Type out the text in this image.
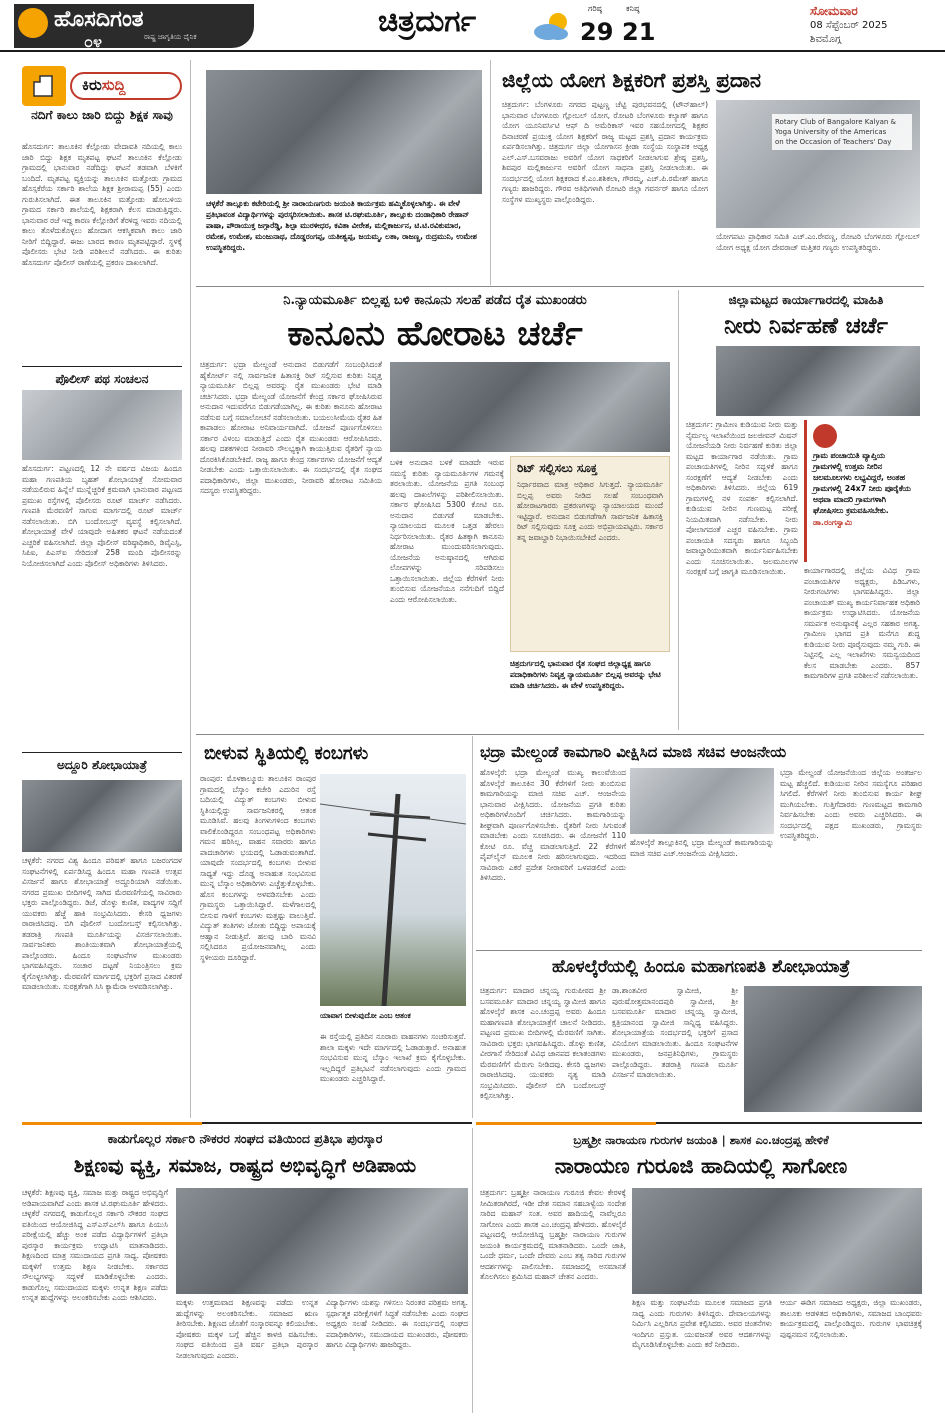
ಹೊಸದಿಗಂತ
೦೪	ರಾಷ್ಟ್ರ ಜಾಗೃತಿಯ ದೈನಿಕ	ಚಿತ್ರದುರ್ಗ	ಗರಿಷ್ಠ
29
ಕನಿಷ್ಠ
21
ಸೋಮವಾರ
08 ಸೆಪ್ಟೆಂಬರ್ 2025
ಶಿವಮೊಗ್ಗ
ಕಿರುಸುದ್ದಿ
ನದಿಗೆ ಕಾಲು ಜಾರಿ ಬಿದ್ದು ಶಿಕ್ಷಕ ಸಾವು
ಹೊಸದುರ್ಗ: ತಾಲೂಕಿನ ಕೆಲ್ಲೋಡು ವೇದಾವತಿ ನದಿಯಲ್ಲಿ ಕಾಲು ಜಾರಿ ಬಿದ್ದು ಶಿಕ್ಷಕ ಮೃತಪಟ್ಟ ಘಟನೆ ತಾಲೂಕಿನ ಕೆಲ್ಲೋಡು ಗ್ರಾಮದಲ್ಲಿ ಭಾನುವಾರ ನಡೆದಿದ್ದು ಘಟನೆ ತಡವಾಗಿ ಬೆಳಕಿಗೆ ಬಂದಿದೆ. ಮೃತಪಟ್ಟ ವ್ಯಕ್ತಿಯನ್ನು ತಾಲೂಕಿನ ಮತ್ತೋಡು ಗ್ರಾಮದ ಹೊಸ್ಸಕೆರೆಯ ಸರ್ಕಾರಿ ಶಾಲೆಯ ಶಿಕ್ಷಕ ಶ್ರೀರಾಮಪ್ಪ (55) ಎಂದು ಗುರುತಿಸಲಾಗಿದೆ. ಈತ ತಾಲೂಕಿನ ಮತ್ತೋಡು ಹೋಬಳಿಯ ಗ್ರಾಮದ ಸರ್ಕಾರಿ ಶಾಲೆಯಲ್ಲಿ ಶಿಕ್ಷಕರಾಗಿ ಕೆಲಸ ಮಾಡುತ್ತಿದ್ದರು. ಭಾನುವಾರ ರಜೆ ಇದ್ದ ಕಾರಣ ಕೆಲ್ಲೋಡಿಗೆ ತೆರಳಿದ್ದ ಇವರು ನದಿಯಲ್ಲಿ ಕಾಲು ತೊಳೆದುಕೊಳ್ಳಲು ಹೋದಾಗ ಆಕಸ್ಮಿಕವಾಗಿ ಕಾಲು ಜಾರಿ ನೀರಿಗೆ ಬಿದ್ದಿದ್ದಾರೆ. ಈಜು ಬಾರದ ಕಾರಣ ಮೃತಪಟ್ಟಿದ್ದಾರೆ. ಸ್ಥಳಕ್ಕೆ ಪೊಲೀಸರು ಭೇಟಿ ನೀಡಿ ಪರಿಶೀಲನೆ ನಡೆಸಿದರು. ಈ ಕುರಿತು ಹೊಸದುರ್ಗ ಪೊಲೀಸ್ ಠಾಣೆಯಲ್ಲಿ ಪ್ರಕರಣ ದಾಖಲಾಗಿದೆ.
ಪೊಲೀಸ್ ಪಥ ಸಂಚಲನ
ಹೊಸದುರ್ಗ: ಪಟ್ಟಣದಲ್ಲಿ 12 ನೇ ವರ್ಷದ ವಿಜಯ ಹಿಂದೂ ಮಹಾ ಗಣಪತಿಯ ಬೃಹತ್ ಶೋಭಾಯಾತ್ರೆ ಸೋಮವಾರ ನಡೆಯಲಿರುವ ಹಿನ್ನೆಲೆ ಮುನ್ನೆಚ್ಚರಿಕೆ ಕ್ರಮವಾಗಿ ಭಾನುವಾರ ಪಟ್ಟಣದ ಪ್ರಮುಖ ರಸ್ತೆಗಳಲ್ಲಿ ಪೊಲೀಸರು ರೂಟ್ ಮಾರ್ಚ್ ನಡೆಸಿದರು. ಗಣಪತಿ ಮೆರವಣಿಗೆ ಸಾಗುವ ಮಾರ್ಗದಲ್ಲಿ ರೂಟ್ ಮಾರ್ಚ್ ನಡೆಸಲಾಯಿತು. ಬಿಗಿ ಬಂದೋಬಸ್ತ್ ವ್ಯವಸ್ಥೆ ಕಲ್ಪಿಸಲಾಗಿದೆ. ಶೋಭಾಯಾತ್ರೆ ವೇಳೆ ಯಾವುದೇ ಅಹಿತಕರ ಘಟನೆ ನಡೆಯದಂತೆ ಎಚ್ಚರಿಕೆ ವಹಿಸಲಾಗಿದೆ. ಜಿಲ್ಲಾ ಪೊಲೀಸ್ ವರಿಷ್ಠಾಧಿಕಾರಿ, ಡಿವೈಎಸ್ಪಿ, ಸಿಪಿಐ, ಪಿಎಸ್ಐ ಸೇರಿದಂತೆ 258 ಮಂದಿ ಪೊಲೀಸರನ್ನು ನಿಯೋಜಿಸಲಾಗಿದೆ ಎಂದು ಪೊಲೀಸ್ ಅಧಿಕಾರಿಗಳು ತಿಳಿಸಿದರು.
ಅದ್ದೂರಿ ಶೋಭಾಯಾತ್ರೆ
ಚಳ್ಳಕೆರೆ: ನಗರದ ವಿಶ್ವ ಹಿಂದೂ ಪರಿಷತ್ ಹಾಗೂ ಬಜರಂಗದಳ ಸಂಘಟನೆಗಳಲ್ಲಿ ಏರ್ಪಡಿಸಿದ್ದ ಹಿಂದೂ ಮಹಾ ಗಣಪತಿ ಉತ್ಸವ ವಿಸರ್ಜನೆ ಹಾಗೂ ಶೋಭಾಯಾತ್ರೆ ಅದ್ದೂರಿಯಾಗಿ ನಡೆಯಿತು. ನಗರದ ಪ್ರಮುಖ ಬೀದಿಗಳಲ್ಲಿ ಸಾಗಿದ ಮೆರವಣಿಗೆಯಲ್ಲಿ ಸಾವಿರಾರು ಭಕ್ತರು ಪಾಲ್ಗೊಂಡಿದ್ದರು. ಡಿಜೆ, ಡೊಳ್ಳು ಕುಣಿತ, ವಾದ್ಯಗಳ ಸದ್ದಿಗೆ ಯುವಕರು ಹೆಜ್ಜೆ ಹಾಕಿ ಸಂಭ್ರಮಿಸಿದರು. ಕೇಸರಿ ಧ್ವಜಗಳು ರಾರಾಜಿಸಿದವು. ಬಿಗಿ ಪೊಲೀಸ್ ಬಂದೋಬಸ್ತ್ ಕಲ್ಪಿಸಲಾಗಿತ್ತು. ತಡರಾತ್ರಿ ಗಣಪತಿ ಮೂರ್ತಿಯನ್ನು ವಿಸರ್ಜಿಸಲಾಯಿತು. ಸಾರ್ವಜನಿಕರು ಶಾಂತಿಯುತವಾಗಿ ಶೋಭಾಯಾತ್ರೆಯಲ್ಲಿ ಪಾಲ್ಗೊಂಡರು. ಹಿಂದೂ ಸಂಘಟನೆಗಳ ಮುಖಂಡರು ಭಾಗವಹಿಸಿದ್ದರು. ಸಂಚಾರ ದಟ್ಟಣೆ ನಿಯಂತ್ರಿಸಲು ಕ್ರಮ ಕೈಗೊಳ್ಳಲಾಗಿತ್ತು. ಮೆರವಣಿಗೆ ಮಾರ್ಗದಲ್ಲಿ ಭಕ್ತರಿಗೆ ಪ್ರಸಾದ ವಿತರಣೆ ಮಾಡಲಾಯಿತು. ಸುರಕ್ಷತೆಗಾಗಿ ಸಿಸಿ ಕ್ಯಾಮೆರಾ ಅಳವಡಿಸಲಾಗಿತ್ತು.
ಚಳ್ಳಕೆರೆ ತಾಲ್ಲೂಕು ಕಟೇರಿಯಲ್ಲಿ ಶ್ರೀ ನಾರಾಯಣಗುರು ಜಯಂತಿ ಕಾರ್ಯಕ್ರಮ ಹಮ್ಮಿಕೊಳ್ಳಲಾಗಿತ್ತು. ಈ ವೇಳೆ ಪ್ರತಿಭಾವಂತ ವಿದ್ಯಾರ್ಥಿಗಳನ್ನು ಪುರಸ್ಕರಿಸಲಾಯಿತು. ಶಾಸಕ ಟಿ.ರಘುಮೂರ್ತಿ, ತಾಲ್ಲೂಕು ದಂಡಾಧಿಕಾರಿ ರೇಹಾನ್ ಪಾಷಾ, ಪೌರಾಯುಕ್ತ ಜಗ್ಗಾರೆಡ್ಡಿ, ಶಿಲ್ಪಾ ಮುರಳೀಧರ, ಕವಿತಾ ವೀರೇಶ, ಮಲ್ಲಿಕಾರ್ಜುನ, ಟಿ.ಟಿ.ರವಿಕುಮಾರ, ರಮೇಶ, ಉಮೇಶ, ಮಂಜುನಾಥ, ದೊಡ್ಡರಂಗಪ್ಪ, ಯತೀಶ್ವಪ್ಪ, ಜಯಮ್ಮ, ಲತಾ, ರಾಜಣ್ಣ, ರುದ್ರಮುನಿ, ಉಮೇಶ ಉಪಸ್ಥಿತರಿದ್ದರು.
ಜಿಲ್ಲೆಯ ಯೋಗ ಶಿಕ್ಷಕರಿಗೆ ಪ್ರಶಸ್ತಿ ಪ್ರದಾನ
ಚಿತ್ರದುರ್ಗ: ಬೆಂಗಳೂರು ನಗರದ ಪುಟ್ಟಣ್ಣ ಚೆಟ್ಟಿ ಪುರಭವನದಲ್ಲಿ (ಟೌನ್‌ಹಾಲ್) ಭಾನುವಾರ ಬೆಂಗಳೂರು ಗ್ಲೋಬಲ್ ಯೋಗ, ರೋಟರಿ ಬೆಂಗಳೂರು ಕಲ್ಯಾಣ್ ಹಾಗೂ ಯೋಗ ಯೂನಿವರ್ಸಿಟಿ ಆಫ್ ದಿ ಅಮೆರಿಕಾಸ್ ಇವರ ಸಹಯೋಗದಲ್ಲಿ ಶಿಕ್ಷಕರ ದಿನಾಚರಣೆ ಪ್ರಯುಕ್ತ ಯೋಗ ಶಿಕ್ಷಕರಿಗೆ ರಾಜ್ಯ ಮಟ್ಟದ ಪ್ರಶಸ್ತಿ ಪ್ರದಾನ ಕಾರ್ಯಕ್ರಮ ಏರ್ಪಡಿಸಲಾಗಿತ್ತು. ಚಿತ್ರದುರ್ಗ ಜಿಲ್ಲಾ ಯೋಗಾಸನ ಕ್ರೀಡಾ ಸಂಸ್ಥೆಯ ಸಂಸ್ಥಾಪಕ ಅಧ್ಯಕ್ಷ ಎಲ್.ಎಸ್.ಬಸವರಾಜು ಅವರಿಗೆ ಯೋಗ ಸಾಧಕರಿಗೆ ನೀಡಲಾಗುವ ಶ್ರೇಷ್ಠ ಪ್ರಶಸ್ತಿ, ಶಿವಪುರ ಮಲ್ಲಿಕಾರ್ಜುನ ಅವರಿಗೆ ಯೋಗ ಸಾಧನಾ ಪ್ರಶಸ್ತಿ ನೀಡಲಾಯಿತು. ಈ ಸಂದರ್ಭದಲ್ಲಿ ಯೋಗ ಶಿಕ್ಷಕರಾದ ಕೆ.ಎಂ.ಶಶಿಕಲಾ, ಗೌರಮ್ಮ, ಎಚ್.ಪಿ.ರಮೇಶ್ ಹಾಗೂ ಗಣ್ಯರು ಹಾಜರಿದ್ದರು. ಗೌರವ ಅತಿಥಿಗಳಾಗಿ ರೋಟರಿ ಜಿಲ್ಲಾ ಗವರ್ನರ್ ಹಾಗೂ ಯೋಗ ಸಂಸ್ಥೆಗಳ ಮುಖ್ಯಸ್ಥರು ಪಾಲ್ಗೊಂಡಿದ್ದರು.
Rotary Club of Bangalore Kalyan &
Yoga University of the Americas
on the Occasion of Teachers' Day
ಯೋಗಪಟು ಪ್ರಾಧಿಕಾರ ಸಮಿತಿ ಎಚ್.ಎಂ.ರೇವಣ್ಣ, ರೋಟರಿ ಬೆಂಗಳೂರು ಗ್ಲೋಬಲ್ ಯೋಗ ಅಧ್ಯಕ್ಷ ಯೋಗ ದೇವರಾಜ್ ಮತ್ತಿತರ ಗಣ್ಯರು ಉಪಸ್ಥಿತರಿದ್ದರು.
ನಿ.ನ್ಯಾಯಮೂರ್ತಿ ಬಿಲ್ಲಪ್ಪ ಬಳಿ ಕಾನೂನು ಸಲಹೆ ಪಡೆದ ರೈತ ಮುಖಂಡರು
ಕಾನೂನು ಹೋರಾಟ ಚರ್ಚೆ
ಚಿತ್ರದುರ್ಗ: ಭದ್ರಾ ಮೇಲ್ದಂಡೆ ಅನುದಾನ ಬಿಡುಗಡೆಗೆ ಸಂಬಂಧಿಸಿದಂತೆ ಹೈಕೋರ್ಟ್ ನಲ್ಲಿ ಸಾರ್ವಜನಿಕ ಹಿತಾಸಕ್ತಿ ರಿಟ್ ಸಲ್ಲಿಸುವ ಕುರಿತು ನಿವೃತ್ತ ನ್ಯಾಯಮೂರ್ತಿ ಬಿಲ್ಲಪ್ಪ ಅವರನ್ನು ರೈತ ಮುಖಂಡರು ಭೇಟಿ ಮಾಡಿ ಚರ್ಚಿಸಿದರು. ಭದ್ರಾ ಮೇಲ್ದಂಡೆ ಯೋಜನೆಗೆ ಕೇಂದ್ರ ಸರ್ಕಾರ ಘೋಷಿಸಿರುವ ಅನುದಾನ ಇದುವರೆಗೂ ಬಿಡುಗಡೆಯಾಗಿಲ್ಲ. ಈ ಕುರಿತು ಕಾನೂನು ಹೋರಾಟ ನಡೆಸುವ ಬಗ್ಗೆ ಸಮಾಲೋಚನೆ ನಡೆಸಲಾಯಿತು. ಬಯಲುಸೀಮೆಯ ರೈತರ ಹಿತ ಕಾಪಾಡಲು ಹೋರಾಟ ಅನಿವಾರ್ಯವಾಗಿದೆ. ಯೋಜನೆ ಪೂರ್ಣಗೊಳಿಸಲು ಸರ್ಕಾರ ವಿಳಂಬ ಮಾಡುತ್ತಿದೆ ಎಂದು ರೈತ ಮುಖಂಡರು ಆರೋಪಿಸಿದರು. ಹಲವು ದಶಕಗಳಿಂದ ನೀರಾವರಿ ಸೌಲಭ್ಯಕ್ಕಾಗಿ ಕಾಯುತ್ತಿರುವ ರೈತರಿಗೆ ನ್ಯಾಯ ದೊರಕಿಸಿಕೊಡಬೇಕಿದೆ. ರಾಜ್ಯ ಹಾಗೂ ಕೇಂದ್ರ ಸರ್ಕಾರಗಳು ಯೋಜನೆಗೆ ಆದ್ಯತೆ ನೀಡಬೇಕು ಎಂದು ಒತ್ತಾಯಿಸಲಾಯಿತು. ಈ ಸಂದರ್ಭದಲ್ಲಿ ರೈತ ಸಂಘದ ಪದಾಧಿಕಾರಿಗಳು, ಜಿಲ್ಲಾ ಮುಖಂಡರು, ನೀರಾವರಿ ಹೋರಾಟ ಸಮಿತಿಯ ಸದಸ್ಯರು ಉಪಸ್ಥಿತರಿದ್ದರು.
ಬಳಿಕ ಅನುದಾನ ಬಳಕೆ ಮಾಡದೇ ಇರುವ ಸಮಸ್ಯೆ ಕುರಿತು ನ್ಯಾಯಮೂರ್ತಿಗಳ ಗಮನಕ್ಕೆ ತರಲಾಯಿತು. ಯೋಜನೆಯ ಪ್ರಗತಿ ಸಂಬಂಧ ಹಲವು ದಾಖಲೆಗಳನ್ನು ಪರಿಶೀಲಿಸಲಾಯಿತು. ಸರ್ಕಾರ ಘೋಷಿಸಿದ 5300 ಕೋಟಿ ರೂ. ಅನುದಾನ ಬಿಡುಗಡೆ ಮಾಡಬೇಕು. ನ್ಯಾಯಾಲಯದ ಮೂಲಕ ಒತ್ತಡ ಹೇರಲು ನಿರ್ಧರಿಸಲಾಯಿತು. ರೈತರ ಹಿತಕ್ಕಾಗಿ ಕಾನೂನು ಹೋರಾಟ ಮುಂದುವರಿಸಲಾಗುವುದು. ಯೋಜನೆಯ ಅನುಷ್ಠಾನದಲ್ಲಿ ಆಗಿರುವ ಲೋಪಗಳನ್ನು ಸರಿಪಡಿಸಲು ಒತ್ತಾಯಿಸಲಾಯಿತು. ಜಿಲ್ಲೆಯ ಕೆರೆಗಳಿಗೆ ನೀರು ತುಂಬಿಸುವ ಯೋಜನೆಯೂ ನನೆಗುದಿಗೆ ಬಿದ್ದಿದೆ ಎಂದು ಆರೋಪಿಸಲಾಯಿತು.
ರಿಟ್ ಸಲ್ಲಿಸಲು ಸೂಕ್ತ
ನಿರ್ಧಾರವಾದ ಮಾತ್ರ ಅಧಿಕಾರ ಸಿಗುತ್ತದೆ. ನ್ಯಾಯಮೂರ್ತಿ ಬಿಲ್ಲಪ್ಪ ಅವರು ನೀಡಿದ ಸಲಹೆ ಸಂಬಂಧವಾಗಿ ಹೋರಾಟಗಾರರು ಪ್ರಕರಣಗಳನ್ನು ನ್ಯಾಯಾಲಯದ ಮುಂದೆ ಇಟ್ಟಿದ್ದಾರೆ. ಅನುದಾನ ಬಿಡುಗಡೆಗಾಗಿ ಸಾರ್ವಜನಿಕ ಹಿತಾಸಕ್ತಿ ರಿಟ್ ಸಲ್ಲಿಸುವುದು ಸೂಕ್ತ ಎಂದು ಅಭಿಪ್ರಾಯಪಟ್ಟರು. ಸರ್ಕಾರ ತನ್ನ ಜವಾಬ್ದಾರಿ ನಿಭಾಯಿಸಬೇಕಿದೆ ಎಂದರು.
ಚಿತ್ರದುರ್ಗದಲ್ಲಿ ಭಾನುವಾರ ರೈತ ಸಂಘದ ಜಿಲ್ಲಾಧ್ಯಕ್ಷ ಹಾಗೂ ಪದಾಧಿಕಾರಿಗಳು ನಿವೃತ್ತ ನ್ಯಾಯಮೂರ್ತಿ ಬಿಲ್ಲಪ್ಪ ಅವರನ್ನು ಭೇಟಿ ಮಾಡಿ ಚರ್ಚಿಸಿದರು. ಈ ವೇಳೆ ಉಪಸ್ಥಿತರಿದ್ದರು.
ಜಿಲ್ಲಾಮಟ್ಟದ ಕಾರ್ಯಾಗಾರದಲ್ಲಿ ಮಾಹಿತಿ
ನೀರು ನಿರ್ವಹಣೆ ಚರ್ಚೆ
ಚಿತ್ರದುರ್ಗ: ಗ್ರಾಮೀಣ ಕುಡಿಯುವ ನೀರು ಮತ್ತು ನೈರ್ಮಲ್ಯ ಇಲಾಖೆಯಿಂದ ಜಲಜೀವನ್ ಮಿಷನ್ ಯೋಜನೆಯಡಿ ನೀರು ನಿರ್ವಹಣೆ ಕುರಿತು ಜಿಲ್ಲಾ ಮಟ್ಟದ ಕಾರ್ಯಾಗಾರ ನಡೆಯಿತು. ಗ್ರಾಮ ಪಂಚಾಯತಿಗಳಲ್ಲಿ ನೀರಿನ ಸದ್ಬಳಕೆ ಹಾಗೂ ಸಂರಕ್ಷಣೆಗೆ ಆದ್ಯತೆ ನೀಡಬೇಕು ಎಂದು ಅಧಿಕಾರಿಗಳು ತಿಳಿಸಿದರು. ಜಿಲ್ಲೆಯ 619 ಗ್ರಾಮಗಳಲ್ಲಿ ನಳ ಸಂಪರ್ಕ ಕಲ್ಪಿಸಲಾಗಿದೆ. ಕುಡಿಯುವ ನೀರಿನ ಗುಣಮಟ್ಟ ಪರೀಕ್ಷೆ ನಿಯಮಿತವಾಗಿ ನಡೆಸಬೇಕು. ನೀರು ಪೋಲಾಗದಂತೆ ಎಚ್ಚರ ವಹಿಸಬೇಕು. ಗ್ರಾಮ ಪಂಚಾಯತಿ ಸದಸ್ಯರು ಹಾಗೂ ಸಿಬ್ಬಂದಿ ಜವಾಬ್ದಾರಿಯುತವಾಗಿ ಕಾರ್ಯನಿರ್ವಹಿಸಬೇಕು ಎಂದು ಸೂಚಿಸಲಾಯಿತು. ಜಲಮೂಲಗಳ ಸಂರಕ್ಷಣೆ ಬಗ್ಗೆ ಜಾಗೃತಿ ಮೂಡಿಸಲಾಯಿತು.
ಗ್ರಾಮ ಪಂಚಾಯಿತಿ ವ್ಯಾಪ್ತಿಯ ಗ್ರಾಮಗಳಲ್ಲಿ ಉತ್ತಮ ನೀರಿನ ಜಲಮೂಲಗಳು ಲಭ್ಯವಿದ್ದರೆ, ಅಂತಹ ಗ್ರಾಮಗಳಲ್ಲಿ 24x7 ನೀರು ಪೂರೈಕೆಯ ಅಥವಾ ಮಾದರಿ ಗ್ರಾಮಗಳಾಗಿ ಘೋಷಿಸಲು ಕ್ರಮವಹಿಸಬೇಕು.
ಡಾ.ರಂಗಸ್ವಾಮಿ
ಕಾರ್ಯಾಗಾರದಲ್ಲಿ ಜಿಲ್ಲೆಯ ವಿವಿಧ ಗ್ರಾಮ ಪಂಚಾಯತಿಗಳ ಅಧ್ಯಕ್ಷರು, ಪಿಡಿಒಗಳು, ನೀರುಗಂಟಿಗಳು ಭಾಗವಹಿಸಿದ್ದರು. ಜಿಲ್ಲಾ ಪಂಚಾಯತ್ ಮುಖ್ಯ ಕಾರ್ಯನಿರ್ವಾಹಕ ಅಧಿಕಾರಿ ಕಾರ್ಯಕ್ರಮ ಉದ್ಘಾಟಿಸಿದರು. ಯೋಜನೆಯ ಸಮರ್ಪಕ ಅನುಷ್ಠಾನಕ್ಕೆ ಎಲ್ಲರ ಸಹಕಾರ ಅಗತ್ಯ. ಗ್ರಾಮೀಣ ಭಾಗದ ಪ್ರತಿ ಮನೆಗೂ ಶುದ್ಧ ಕುಡಿಯುವ ನೀರು ಪೂರೈಸುವುದು ನಮ್ಮ ಗುರಿ. ಈ ನಿಟ್ಟಿನಲ್ಲಿ ಎಲ್ಲ ಇಲಾಖೆಗಳು ಸಮನ್ವಯದಿಂದ ಕೆಲಸ ಮಾಡಬೇಕು ಎಂದರು. 857 ಕಾಮಗಾರಿಗಳ ಪ್ರಗತಿ ಪರಿಶೀಲನೆ ನಡೆಸಲಾಯಿತು.
ಬೀಳುವ ಸ್ಥಿತಿಯಲ್ಲಿ ಕಂಬಗಳು
ರಾಂಪುರ: ಮೊಳಕಾಲ್ಮೂರು ತಾಲೂಕಿನ ರಾಂಪುರ ಗ್ರಾಮದಲ್ಲಿ ಬೆಸ್ಕಾಂ ಕಚೇರಿ ಎದುರಿನ ರಸ್ತೆ ಬದಿಯಲ್ಲಿ ವಿದ್ಯುತ್ ಕಂಬಗಳು ಬೀಳುವ ಸ್ಥಿತಿಯಲ್ಲಿದ್ದು ಸಾರ್ವಜನಿಕರಲ್ಲಿ ಆತಂಕ ಮೂಡಿಸಿವೆ. ಹಲವು ತಿಂಗಳುಗಳಿಂದ ಕಂಬಗಳು ವಾಲಿಕೊಂಡಿದ್ದರೂ ಸಂಬಂಧಪಟ್ಟ ಅಧಿಕಾರಿಗಳು ಗಮನ ಹರಿಸಿಲ್ಲ. ವಾಹನ ಸವಾರರು ಹಾಗೂ ಪಾದಚಾರಿಗಳು ಭಯದಲ್ಲಿ ಓಡಾಡುವಂತಾಗಿದೆ. ಯಾವುದೇ ಸಂದರ್ಭದಲ್ಲಿ ಕಂಬಗಳು ಬೀಳುವ ಸಾಧ್ಯತೆ ಇದ್ದು ದೊಡ್ಡ ಅನಾಹುತ ಸಂಭವಿಸುವ ಮುನ್ನ ಬೆಸ್ಕಾಂ ಅಧಿಕಾರಿಗಳು ಎಚ್ಚೆತ್ತುಕೊಳ್ಳಬೇಕು. ಹೊಸ ಕಂಬಗಳನ್ನು ಅಳವಡಿಸಬೇಕು ಎಂದು ಗ್ರಾಮಸ್ಥರು ಒತ್ತಾಯಿಸಿದ್ದಾರೆ. ಮಳೆಗಾಲದಲ್ಲಿ ಬೀಸುವ ಗಾಳಿಗೆ ಕಂಬಗಳು ಮತ್ತಷ್ಟು ವಾಲುತ್ತಿವೆ. ವಿದ್ಯುತ್ ತಂತಿಗಳು ಜೋತು ಬಿದ್ದಿದ್ದು ಅಪಾಯಕ್ಕೆ ಆಹ್ವಾನ ನೀಡುತ್ತಿವೆ. ಹಲವು ಬಾರಿ ಮನವಿ ಸಲ್ಲಿಸಿದರೂ ಪ್ರಯೋಜನವಾಗಿಲ್ಲ ಎಂದು ಸ್ಥಳೀಯರು ದೂರಿದ್ದಾರೆ.
ಯಾವಾಗ ಬೀಳುವುದೋ ಎಂಬ ಆತಂಕ
ಈ ರಸ್ತೆಯಲ್ಲಿ ಪ್ರತಿದಿನ ನೂರಾರು ವಾಹನಗಳು ಸಂಚರಿಸುತ್ತವೆ. ಶಾಲಾ ಮಕ್ಕಳು ಇದೇ ಮಾರ್ಗದಲ್ಲಿ ಓಡಾಡುತ್ತಾರೆ. ಅನಾಹುತ ಸಂಭವಿಸುವ ಮುನ್ನ ಬೆಸ್ಕಾಂ ಇಲಾಖೆ ಕ್ರಮ ಕೈಗೊಳ್ಳಬೇಕು. ಇಲ್ಲದಿದ್ದರೆ ಪ್ರತಿಭಟನೆ ನಡೆಸಲಾಗುವುದು ಎಂದು ಗ್ರಾಮದ ಮುಖಂಡರು ಎಚ್ಚರಿಸಿದ್ದಾರೆ.
ಭದ್ರಾ ಮೇಲ್ದಂಡೆ ಕಾಮಗಾರಿ ವೀಕ್ಷಿಸಿದ ಮಾಜಿ ಸಚಿವ ಆಂಜನೇಯ
ಹೊಳಲ್ಕೆರೆ: ಭದ್ರಾ ಮೇಲ್ದಂಡೆ ಮುಖ್ಯ ಕಾಲುವೆಯಿಂದ ಹೊಳಲ್ಕೆರೆ ತಾಲೂಕಿನ 30 ಕೆರೆಗಳಿಗೆ ನೀರು ತುಂಬಿಸುವ ಕಾಮಗಾರಿಯನ್ನು ಮಾಜಿ ಸಚಿವ ಎಚ್. ಆಂಜನೇಯ ಭಾನುವಾರ ವೀಕ್ಷಿಸಿದರು. ಯೋಜನೆಯ ಪ್ರಗತಿ ಕುರಿತು ಅಧಿಕಾರಿಗಳೊಂದಿಗೆ ಚರ್ಚಿಸಿದರು. ಕಾಮಗಾರಿಯನ್ನು ಶೀಘ್ರವಾಗಿ ಪೂರ್ಣಗೊಳಿಸಬೇಕು. ರೈತರಿಗೆ ನೀರು ಸಿಗುವಂತೆ ಮಾಡಬೇಕು ಎಂದು ಸೂಚಿಸಿದರು. ಈ ಯೋಜನೆಗೆ 110 ಕೋಟಿ ರೂ. ವೆಚ್ಚ ಮಾಡಲಾಗುತ್ತಿದೆ. 22 ಕೆರೆಗಳಿಗೆ ಪೈಪ್‌ಲೈನ್ ಮೂಲಕ ನೀರು ಹರಿಸಲಾಗುವುದು. ಇದರಿಂದ ಸಾವಿರಾರು ಎಕರೆ ಪ್ರದೇಶ ನೀರಾವರಿಗೆ ಒಳಪಡಲಿದೆ ಎಂದು ತಿಳಿಸಿದರು.
ಹೊಳಲ್ಕೆರೆ ತಾಲ್ಲೂಕಿನಲ್ಲಿ ಭದ್ರಾ ಮೇಲ್ದಂಡೆ ಕಾಮಗಾರಿಯನ್ನು ಮಾಜಿ ಸಚಿವ ಎಚ್.ಆಂಜನೇಯ ವೀಕ್ಷಿಸಿದರು.
ಭದ್ರಾ ಮೇಲ್ದಂಡೆ ಯೋಜನೆಯಿಂದ ಜಿಲ್ಲೆಯ ಅಂತರ್ಜಲ ಮಟ್ಟ ಹೆಚ್ಚಲಿದೆ. ಕುಡಿಯುವ ನೀರಿನ ಸಮಸ್ಯೆಗೂ ಪರಿಹಾರ ಸಿಗಲಿದೆ. ಕೆರೆಗಳಿಗೆ ನೀರು ತುಂಬಿಸುವ ಕಾರ್ಯ ಶೀಘ್ರ ಮುಗಿಯಬೇಕು. ಗುತ್ತಿಗೆದಾರರು ಗುಣಮಟ್ಟದ ಕಾಮಗಾರಿ ನಿರ್ವಹಿಸಬೇಕು ಎಂದು ಅವರು ಎಚ್ಚರಿಸಿದರು. ಈ ಸಂದರ್ಭದಲ್ಲಿ ಪಕ್ಷದ ಮುಖಂಡರು, ಗ್ರಾಮಸ್ಥರು ಉಪಸ್ಥಿತರಿದ್ದರು.
ಹೊಳಲ್ಕೆರೆಯಲ್ಲಿ ಹಿಂದೂ ಮಹಾಗಣಪತಿ ಶೋಭಾಯಾತ್ರೆ
ಚಿತ್ರದುರ್ಗ: ಮಾದಾರ ಚನ್ನಯ್ಯ ಗುರುಪೀಠದ ಶ್ರೀ ಬಸವಮೂರ್ತಿ ಮಾದಾರ ಚನ್ನಯ್ಯ ಸ್ವಾಮೀಜಿ ಹಾಗೂ ಹೊಳಲ್ಕೆರೆ ಶಾಸಕ ಎಂ.ಚಂದ್ರಪ್ಪ ಅವರು ಹಿಂದೂ ಮಹಾಗಣಪತಿ ಶೋಭಾಯಾತ್ರೆಗೆ ಚಾಲನೆ ನೀಡಿದರು. ಪಟ್ಟಣದ ಪ್ರಮುಖ ಬೀದಿಗಳಲ್ಲಿ ಮೆರವಣಿಗೆ ಸಾಗಿತು. ಸಾವಿರಾರು ಭಕ್ತರು ಭಾಗವಹಿಸಿದ್ದರು. ಡೊಳ್ಳು ಕುಣಿತ, ವೀರಗಾಸೆ ಸೇರಿದಂತೆ ವಿವಿಧ ಜಾನಪದ ಕಲಾತಂಡಗಳು ಮೆರವಣಿಗೆಗೆ ಮೆರುಗು ನೀಡಿದವು. ಕೇಸರಿ ಧ್ವಜಗಳು ರಾರಾಜಿಸಿದವು. ಯುವಕರು ನೃತ್ಯ ಮಾಡಿ ಸಂಭ್ರಮಿಸಿದರು. ಪೊಲೀಸ್ ಬಿಗಿ ಬಂದೋಬಸ್ತ್ ಕಲ್ಪಿಸಲಾಗಿತ್ತು.
ಡಾ.ಶಾಂತವೀರ ಸ್ವಾಮೀಜಿ, ಶ್ರೀ ಪುರುಷೋತ್ತಮಾನಂದಪುರಿ ಸ್ವಾಮೀಜಿ, ಶ್ರೀ ಬಸವಮೂರ್ತಿ ಮಾದಾರ ಚನ್ನಯ್ಯ ಸ್ವಾಮೀಜಿ, ಕ್ಷತ್ರಿಯಾನಂದ ಸ್ವಾಮೀಜಿ ಸಾನ್ನಿಧ್ಯ ವಹಿಸಿದ್ದರು. ಶೋಭಾಯಾತ್ರೆಯ ಸಂದರ್ಭದಲ್ಲಿ ಭಕ್ತರಿಗೆ ಪ್ರಸಾದ ವಿನಿಯೋಗ ಮಾಡಲಾಯಿತು. ಹಿಂದೂ ಸಂಘಟನೆಗಳ ಮುಖಂಡರು, ಜನಪ್ರತಿನಿಧಿಗಳು, ಗ್ರಾಮಸ್ಥರು ಪಾಲ್ಗೊಂಡಿದ್ದರು. ತಡರಾತ್ರಿ ಗಣಪತಿ ಮೂರ್ತಿ ವಿಸರ್ಜನೆ ಮಾಡಲಾಯಿತು.
ಕಾಡುಗೊಲ್ಲರ ಸರ್ಕಾರಿ ನೌಕರರ ಸಂಘದ ವತಿಯಿಂದ ಪ್ರತಿಭಾ ಪುರಸ್ಕಾರ
ಶಿಕ್ಷಣವು ವ್ಯಕ್ತಿ, ಸಮಾಜ, ರಾಷ್ಟ್ರದ ಅಭಿವೃದ್ಧಿಗೆ ಅಡಿಪಾಯ
ಚಳ್ಳಕೆರೆ: ಶಿಕ್ಷಣವು ವ್ಯಕ್ತಿ, ಸಮಾಜ ಮತ್ತು ರಾಷ್ಟ್ರದ ಅಭಿವೃದ್ಧಿಗೆ ಅಡಿಪಾಯವಾಗಿದೆ ಎಂದು ಶಾಸಕ ಟಿ.ರಘುಮೂರ್ತಿ ಹೇಳಿದರು. ಚಳ್ಳಕೆರೆ ನಗರದಲ್ಲಿ ಕಾಡುಗೊಲ್ಲರ ಸರ್ಕಾರಿ ನೌಕರರ ಸಂಘದ ವತಿಯಿಂದ ಆಯೋಜಿಸಿದ್ದ ಎಸ್‌ಎಸ್‌ಎಲ್‌ಸಿ ಹಾಗೂ ಪಿಯುಸಿ ಪರೀಕ್ಷೆಯಲ್ಲಿ ಹೆಚ್ಚು ಅಂಕ ಪಡೆದ ವಿದ್ಯಾರ್ಥಿಗಳಿಗೆ ಪ್ರತಿಭಾ ಪುರಸ್ಕಾರ ಕಾರ್ಯಕ್ರಮ ಉದ್ಘಾಟಿಸಿ ಮಾತನಾಡಿದರು. ಶಿಕ್ಷಣದಿಂದ ಮಾತ್ರ ಸಮುದಾಯದ ಪ್ರಗತಿ ಸಾಧ್ಯ. ಪೋಷಕರು ಮಕ್ಕಳಿಗೆ ಉತ್ತಮ ಶಿಕ್ಷಣ ನೀಡಬೇಕು. ಸರ್ಕಾರದ ಸೌಲಭ್ಯಗಳನ್ನು ಸದ್ಬಳಕೆ ಮಾಡಿಕೊಳ್ಳಬೇಕು ಎಂದರು. ಕಾಡುಗೊಲ್ಲ ಸಮುದಾಯದ ಮಕ್ಕಳು ಉನ್ನತ ಶಿಕ್ಷಣ ಪಡೆದು ಉನ್ನತ ಹುದ್ದೆಗಳನ್ನು ಅಲಂಕರಿಸಬೇಕು ಎಂದು ಆಶಿಸಿದರು.
ಮಕ್ಕಳು ಉತ್ತಮವಾದ ಶಿಕ್ಷಣವನ್ನು ಪಡೆದು ಉನ್ನತ ಹುದ್ದೆಗಳನ್ನು ಅಲಂಕರಿಸಬೇಕು. ಸಮಾಜದ ಋಣ ತೀರಿಸಬೇಕು. ಶಿಕ್ಷಣದ ಜೊತೆಗೆ ಸಂಸ್ಕಾರವನ್ನೂ ಕಲಿಯಬೇಕು. ಪೋಷಕರು ಮಕ್ಕಳ ಬಗ್ಗೆ ಹೆಚ್ಚಿನ ಕಾಳಜಿ ವಹಿಸಬೇಕು. ಸಂಘದ ವತಿಯಿಂದ ಪ್ರತಿ ವರ್ಷ ಪ್ರತಿಭಾ ಪುರಸ್ಕಾರ ನೀಡಲಾಗುವುದು ಎಂದರು.
ವಿದ್ಯಾರ್ಥಿಗಳು ಯಶಸ್ಸು ಗಳಿಸಲು ನಿರಂತರ ಪರಿಶ್ರಮ ಅಗತ್ಯ. ಸ್ಪರ್ಧಾತ್ಮಕ ಪರೀಕ್ಷೆಗಳಿಗೆ ಸಿದ್ಧತೆ ನಡೆಸಬೇಕು ಎಂದು ಸಂಘದ ಅಧ್ಯಕ್ಷರು ಸಲಹೆ ನೀಡಿದರು. ಈ ಸಂದರ್ಭದಲ್ಲಿ ಸಂಘದ ಪದಾಧಿಕಾರಿಗಳು, ಸಮುದಾಯದ ಮುಖಂಡರು, ಪೋಷಕರು ಹಾಗೂ ವಿದ್ಯಾರ್ಥಿಗಳು ಹಾಜರಿದ್ದರು.
ಬ್ರಹ್ಮಶ್ರೀ ನಾರಾಯಣ ಗುರುಗಳ ಜಯಂತಿ | ಶಾಸಕ ಎಂ.ಚಂದ್ರಪ್ಪ ಹೇಳಿಕೆ
ನಾರಾಯಣ ಗುರೂಜಿ ಹಾದಿಯಲ್ಲಿ ಸಾಗೋಣ
ಚಿತ್ರದುರ್ಗ: ಬ್ರಹ್ಮಶ್ರೀ ನಾರಾಯಣ ಗುರೂಜಿ ಕೇವಲ ಕೇರಳಕ್ಕೆ ಸೀಮಿತರಾಗಿರದೆ, ಇಡೀ ದೇಶ ಸಮಾನ ಸಹಬಾಳ್ವೆಯ ಸಂದೇಶ ಸಾರಿದ ಮಹಾನ್ ಸಂತ. ಅವರ ಹಾದಿಯಲ್ಲಿ ನಾವೆಲ್ಲರೂ ಸಾಗೋಣ ಎಂದು ಶಾಸಕ ಎಂ.ಚಂದ್ರಪ್ಪ ಹೇಳಿದರು. ಹೊಳಲ್ಕೆರೆ ಪಟ್ಟಣದಲ್ಲಿ ಆಯೋಜಿಸಿದ್ದ ಬ್ರಹ್ಮಶ್ರೀ ನಾರಾಯಣ ಗುರುಗಳ ಜಯಂತಿ ಕಾರ್ಯಕ್ರಮದಲ್ಲಿ ಮಾತನಾಡಿದರು. ಒಂದೇ ಜಾತಿ, ಒಂದೇ ಧರ್ಮ, ಒಂದೇ ದೇವರು ಎಂಬ ತತ್ವ ಸಾರಿದ ಗುರುಗಳ ಆದರ್ಶಗಳನ್ನು ಪಾಲಿಸಬೇಕು. ಸಮಾಜದಲ್ಲಿ ಅಸಮಾನತೆ ತೊಲಗಿಸಲು ಶ್ರಮಿಸಿದ ಮಹಾನ್ ಚೇತನ ಎಂದರು.
ಶಿಕ್ಷಣ ಮತ್ತು ಸಂಘಟನೆಯ ಮೂಲಕ ಸಮಾಜದ ಪ್ರಗತಿ ಸಾಧ್ಯ ಎಂದು ಗುರುಗಳು ತಿಳಿಸಿದ್ದರು. ದೇವಾಲಯಗಳನ್ನು ನಿರ್ಮಿಸಿ ಎಲ್ಲರಿಗೂ ಪ್ರವೇಶ ಕಲ್ಪಿಸಿದರು. ಅವರ ಚಿಂತನೆಗಳು ಇಂದಿಗೂ ಪ್ರಸ್ತುತ. ಯುವಜನತೆ ಅವರ ಆದರ್ಶಗಳನ್ನು ಮೈಗೂಡಿಸಿಕೊಳ್ಳಬೇಕು ಎಂದು ಕರೆ ನೀಡಿದರು.
ಆರ್ಯ ಈಡಿಗ ಸಮಾಜದ ಅಧ್ಯಕ್ಷರು, ಜಿಲ್ಲಾ ಮುಖಂಡರು, ತಾಲೂಕು ಆಡಳಿತದ ಅಧಿಕಾರಿಗಳು, ಸಮಾಜದ ಬಾಂಧವರು ಕಾರ್ಯಕ್ರಮದಲ್ಲಿ ಪಾಲ್ಗೊಂಡಿದ್ದರು. ಗುರುಗಳ ಭಾವಚಿತ್ರಕ್ಕೆ ಪುಷ್ಪನಮನ ಸಲ್ಲಿಸಲಾಯಿತು.
